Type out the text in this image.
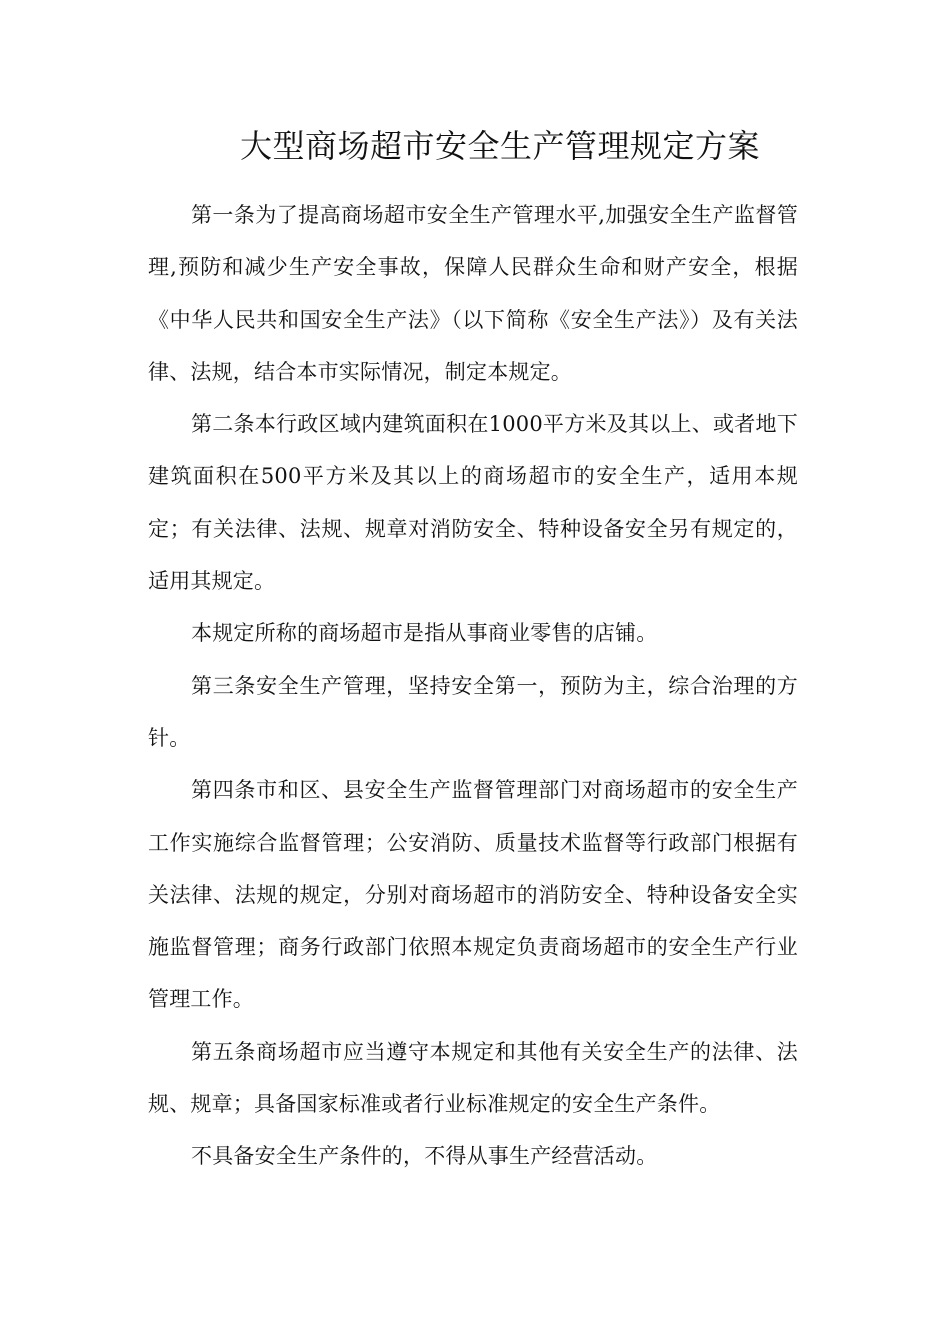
大型商场超市安全生产管理规定方案

第一条为了提高商场超市安全生产管理水平,加强安全生产监督管理,预防和减少生产安全事故，保障人民群众生命和财产安全，根据《中华人民共和国安全生产法》（以下简称《安全生产法》）及有关法律、法规，结合本市实际情况，制定本规定。

第二条本行政区域内建筑面积在1000平方米及其以上、或者地下建筑面积在500平方米及其以上的商场超市的安全生产，适用本规定；有关法律、法规、规章对消防安全、特种设备安全另有规定的，适用其规定。

本规定所称的商场超市是指从事商业零售的店铺。

第三条安全生产管理，坚持安全第一，预防为主，综合治理的方针。

第四条市和区、县安全生产监督管理部门对商场超市的安全生产工作实施综合监督管理；公安消防、质量技术监督等行政部门根据有关法律、法规的规定，分别对商场超市的消防安全、特种设备安全实施监督管理；商务行政部门依照本规定负责商场超市的安全生产行业管理工作。

第五条商场超市应当遵守本规定和其他有关安全生产的法律、法规、规章；具备国家标准或者行业标准规定的安全生产条件。

不具备安全生产条件的，不得从事生产经营活动。
